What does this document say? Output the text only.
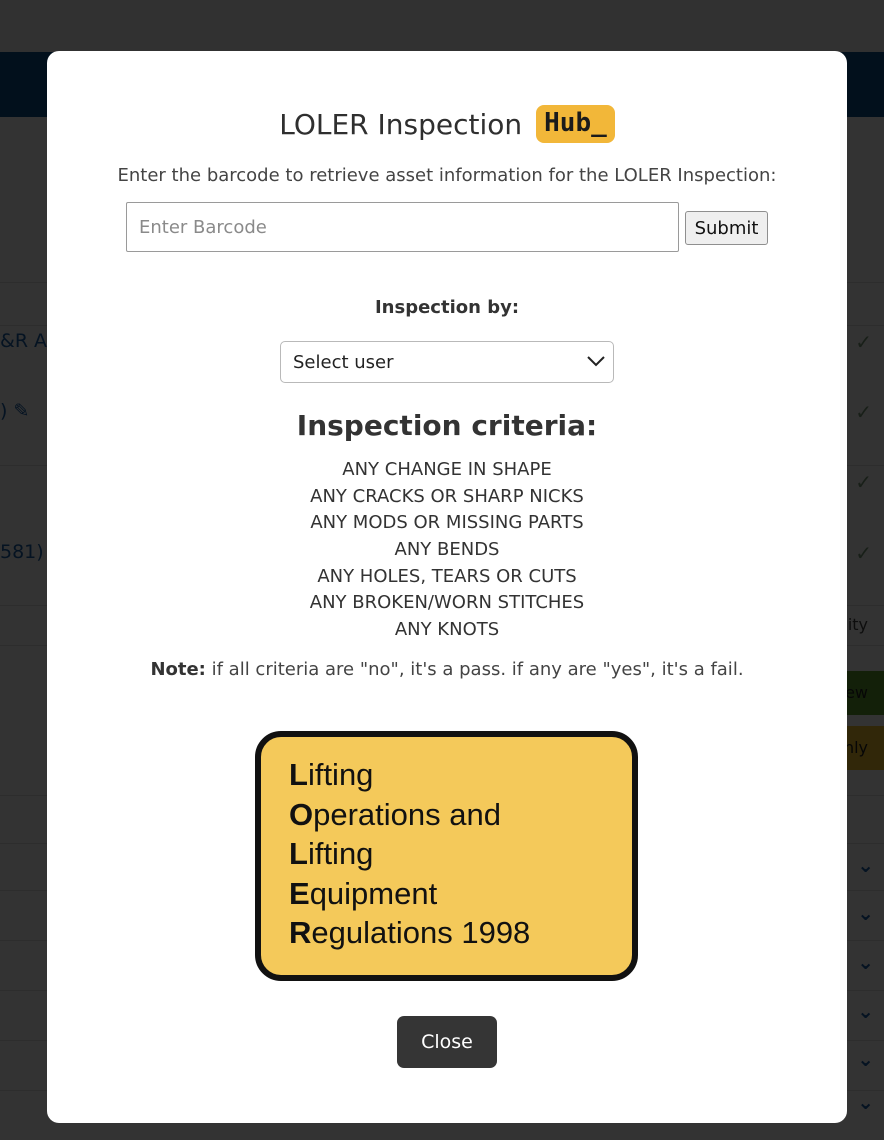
LOLER Inspection Hub_
Enter the barcode to retrieve asset information for the LOLER Inspection:
Enter Barcode
Submit
Inspection by:
Select user
Inspection criteria:
ANY CHANGE IN SHAPE
ANY CRACKS OR SHARP NICKS
ANY MODS OR MISSING PARTS
ANY BENDS
ANY HOLES, TEARS OR CUTS
ANY BROKEN/WORN STITCHES
ANY KNOTS
Note: if all criteria are "no", it's a pass. if any are "yes", it's a fail.
Lifting
Operations and
Lifting
Equipment
Regulations 1998
Close
